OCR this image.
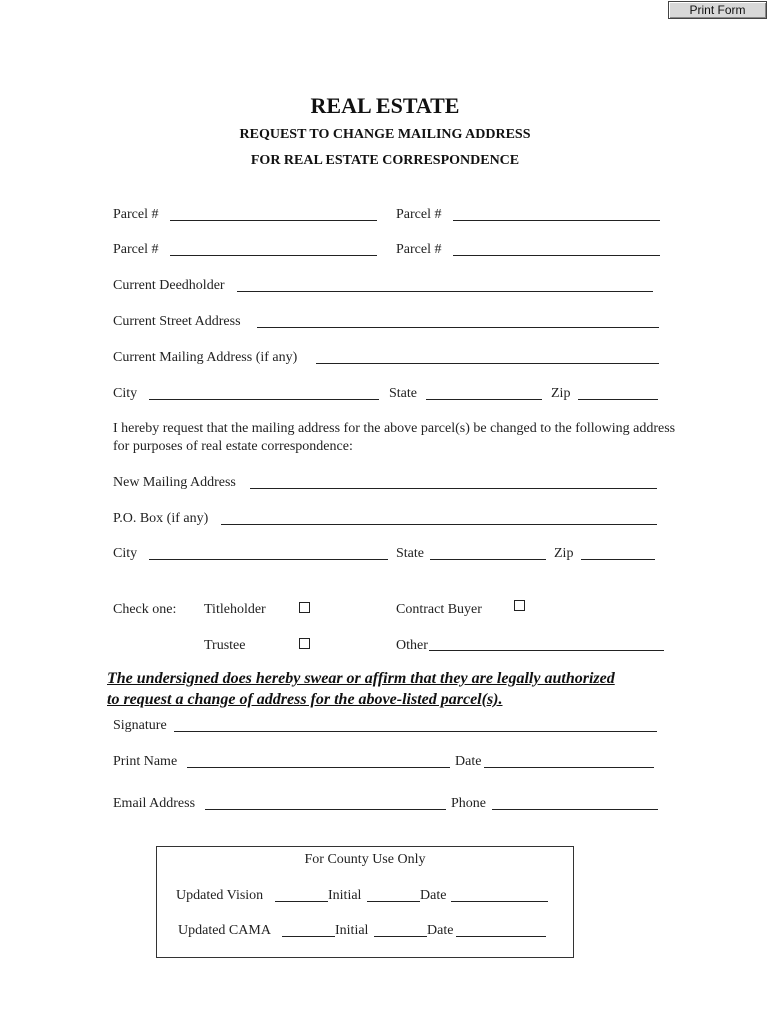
Print Form
REAL ESTATE
REQUEST TO CHANGE MAILING ADDRESS
FOR REAL ESTATE CORRESPONDENCE
Parcel #	Parcel #
Parcel #	Parcel #
Current Deedholder
Current Street Address
Current Mailing Address (if any)
City	State	Zip
I hereby request that the mailing address for the above parcel(s) be changed to the following address for purposes of real estate correspondence:
New Mailing Address
P.O. Box (if any)
City	State	Zip
Check one: Titleholder	Contract Buyer
Trustee	Other
The undersigned does hereby swear or affirm that they are legally authorized
to request a change of address for the above-listed parcel(s).
Signature
Print Name	Date
Email Address	Phone
For County Use Only
Updated Vision	Initial	Date
Updated CAMA	Initial	Date
